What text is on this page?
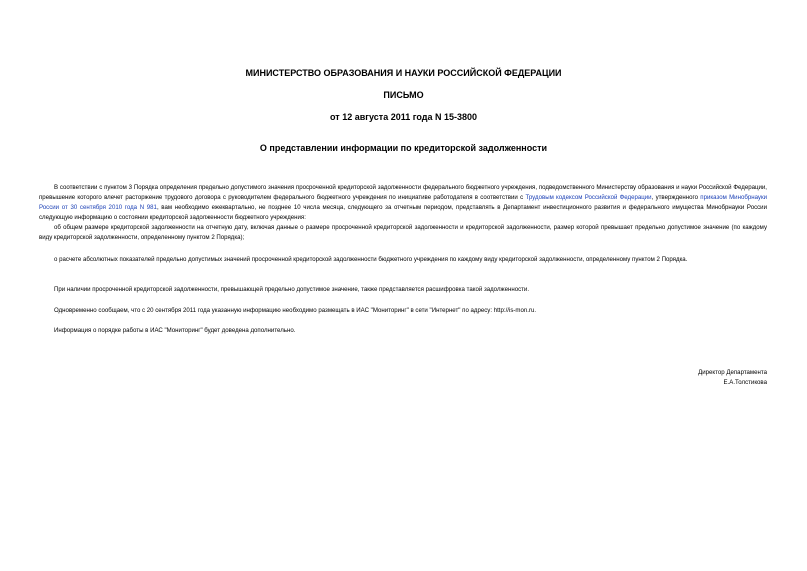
МИНИСТЕРСТВО ОБРАЗОВАНИЯ И НАУКИ РОССИЙСКОЙ ФЕДЕРАЦИИ
ПИСЬМО
от 12 августа 2011 года N 15-3800
О представлении информации по кредиторской задолженности

В соответствии с пунктом 3 Порядка определения предельно допустимого значения просроченной кредиторской задолженности федерального бюджетного учреждения, подведомственного Министерству образования и науки Российской Федерации, превышение которого влечет расторжение трудового договора с руководителем федерального бюджетного учреждения по инициативе работодателя в соответствии с Трудовым кодексом Российской Федерации, утвержденного приказом Минобрнауки России от 30 сентября 2010 года N 981, вам необходимо ежеквартально, не позднее 10 числа месяца, следующего за отчетным периодом, представлять в Департамент инвестиционного развития и федерального имущества Минобрнауки России следующую информацию о состоянии кредиторской задолженности бюджетного учреждения:

об общем размере кредиторской задолженности на отчетную дату, включая данные о размере просроченной кредиторской задолженности и кредиторской задолженности, размер которой превышает предельно допустимое значение (по каждому виду кредиторской задолженности, определенному пунктом 2 Порядка);

о расчете абсолютных показателей предельно допустимых значений просроченной кредиторской задолженности бюджетного учреждения по каждому виду кредиторской задолженности, определенному пунктом 2 Порядка.

При наличии просроченной кредиторской задолженности, превышающей предельно допустимое значение, также представляется расшифровка такой задолженности.

Одновременно сообщаем, что с 20 сентября 2011 года указанную информацию необходимо размещать в ИАС "Мониторинг" в сети "Интернет" по адресу: http://is-mon.ru.

Информация о порядке работы в ИАС "Мониторинг" будет доведена дополнительно.

Директор Департамента
Е.А.Толстикова
